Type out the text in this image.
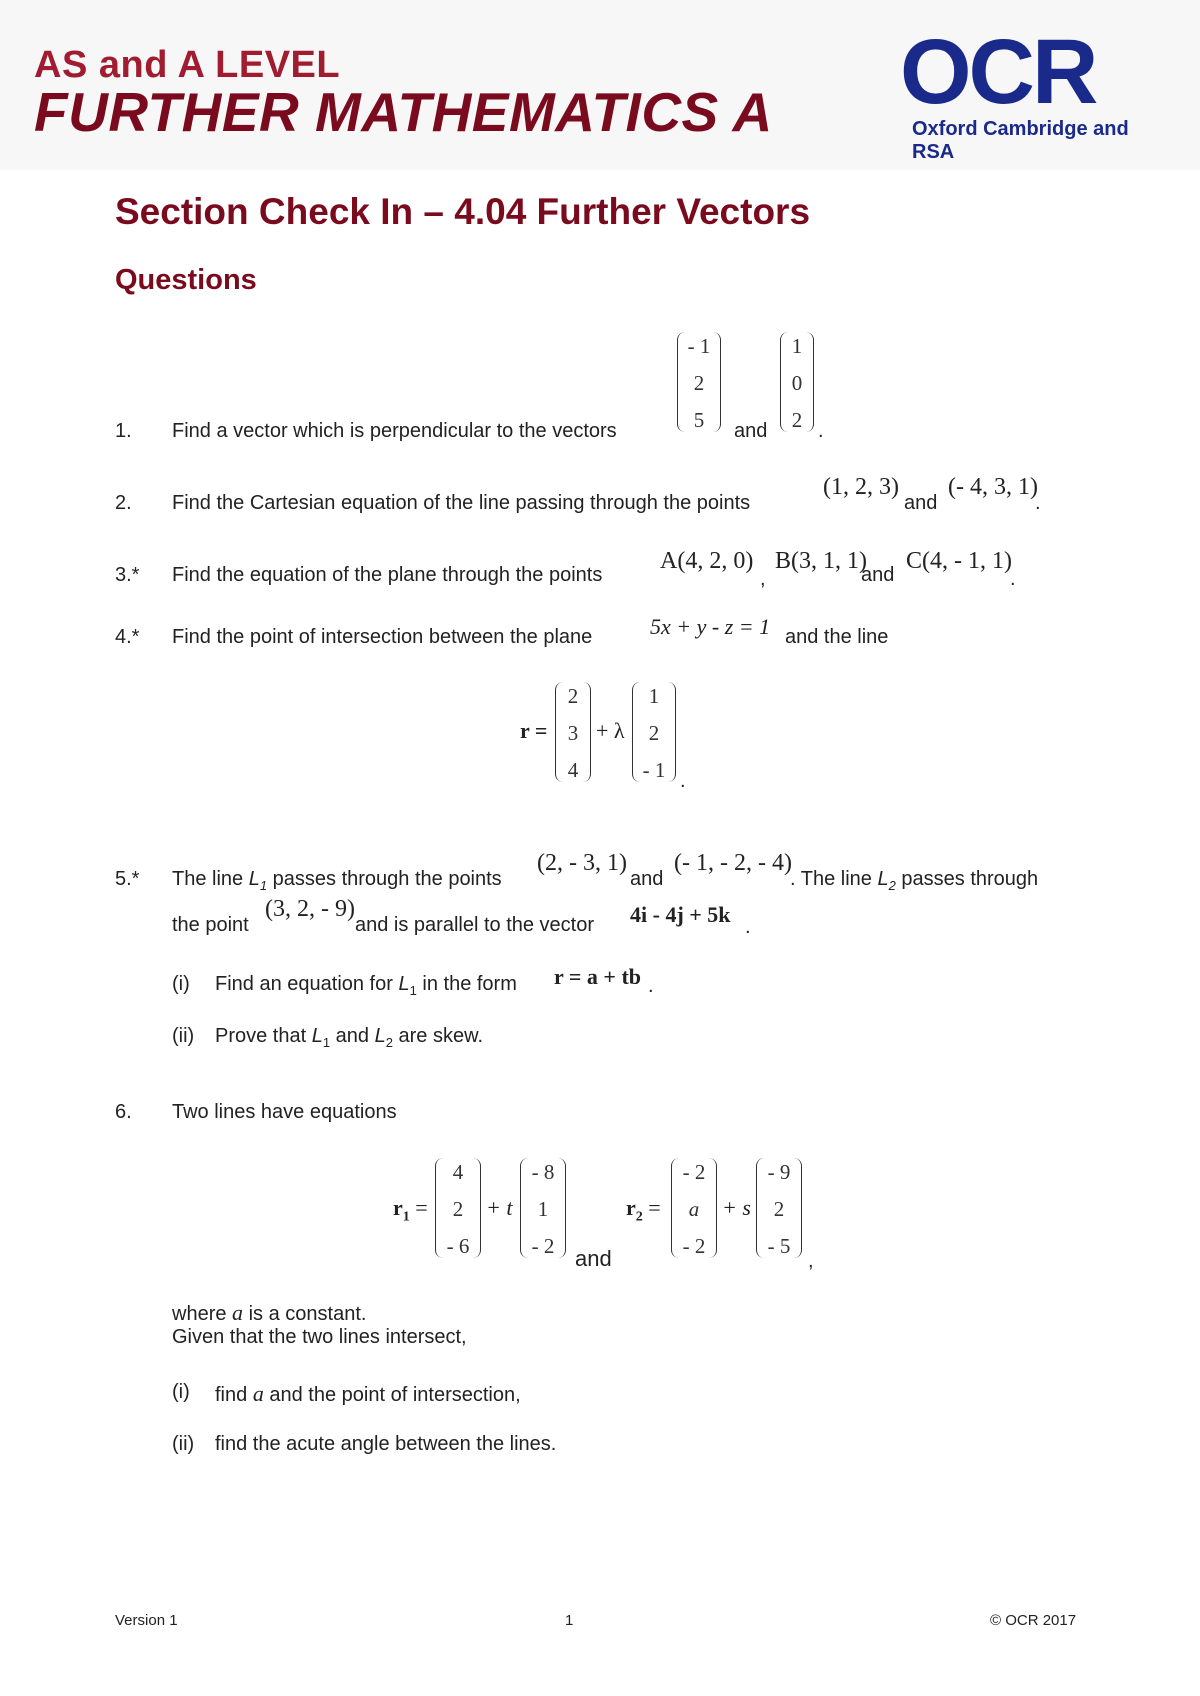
AS and A LEVEL
FURTHER MATHEMATICS A OCR
Oxford Cambridge and RSA
Section Check In – 4.04 Further Vectors
Questions
1. Find a vector which is perpendicular to the vectors
- 1
2
5	and
1
0
2 .
2. Find the Cartesian equation of the line passing through the points
(1, 2, 3)
and
(- 4, 3, 1)
.
3.* Find the equation of the plane through the points
A(4, 2, 0)
,
B(3, 1, 1)
and
C(4, - 1, 1)
.
4.* Find the point of intersection between the plane	5x + y - z = 1 and the line
r =
2
3
4
+ λ
1
2
- 1 .
5.* The line $L_1$ passes through the points
(2, - 3, 1)
and
(- 1, - 2, - 4)
. The line $L_2$ passes through
the point
(3, 2, - 9)
and is parallel to the vector 4i - 4j + 5k .
(i) Find an equation for $L_1$ in the form r = a + tb .
(ii) Prove that $L_1$ and $L_2$ are skew.
6. Two lines have equations
$r_1$ =
4
2
- 6
+ t
- 8
1
- 2 and
$r_2$ =
- 2
a
- 2
+ s
- 9
2
- 5
,
where a is a constant.
Given that the two lines intersect,
(i) find a and the point of intersection,
(ii) find the acute angle between the lines.
Version 1	1	© OCR 2017
